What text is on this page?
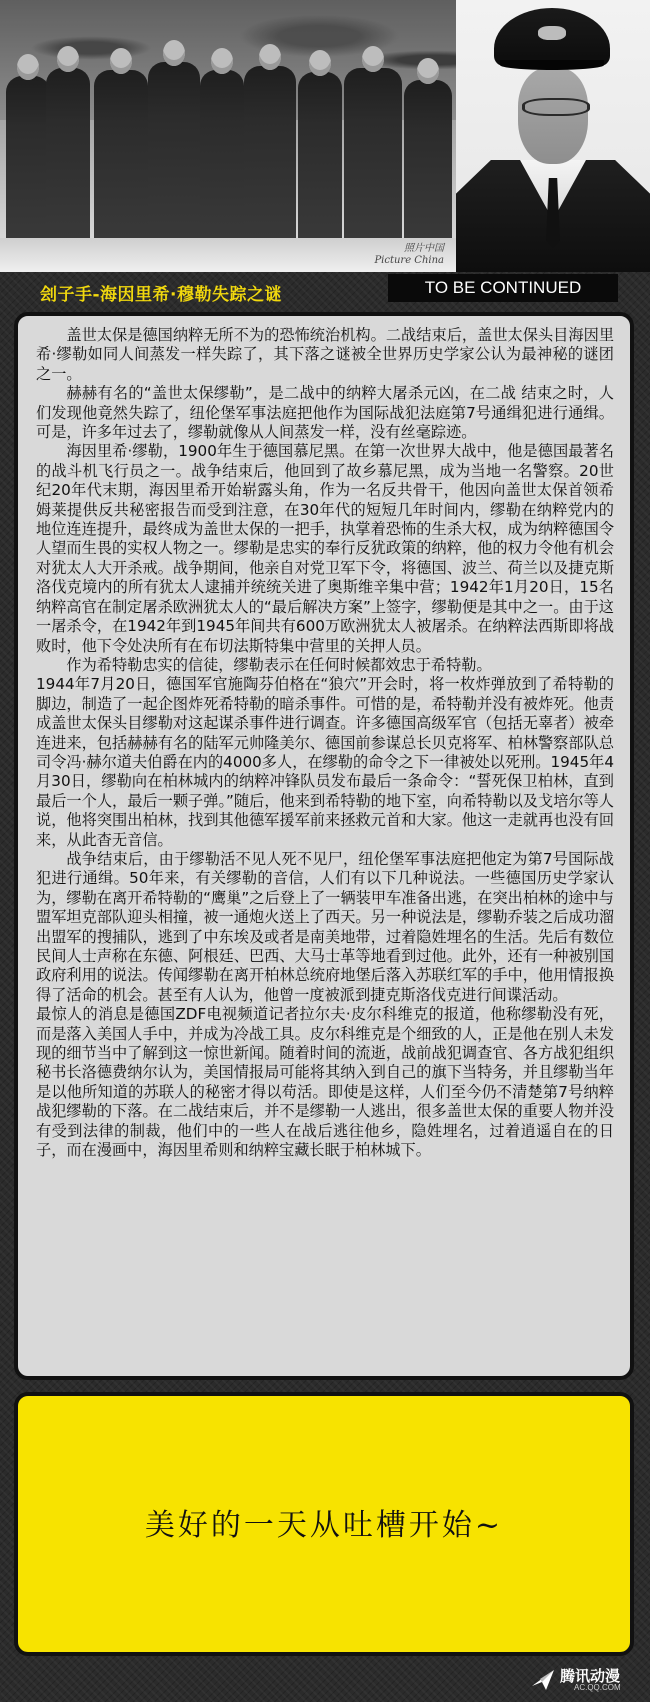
照片中国
Picture China
刽子手-海因里希·穆勒失踪之谜	TO BE CONTINUED

盖世太保是德国纳粹无所不为的恐怖统治机构。二战结束后，盖世太保头目海因里希·缪勒如同人间蒸发一样失踪了，其下落之谜被全世界历史学家公认为最神秘的谜团之一。

赫赫有名的“盖世太保缪勒”，是二战中的纳粹大屠杀元凶，在二战 结束之时，人们发现他竟然失踪了，纽伦堡军事法庭把他作为国际战犯法庭第7号通缉犯进行通缉。可是，许多年过去了，缪勒就像从人间蒸发一样，没有丝毫踪迹。

海因里希·缪勒，1900年生于德国慕尼黑。在第一次世界大战中，他是德国最著名的战斗机飞行员之一。战争结束后，他回到了故乡慕尼黑，成为当地一名警察。20世纪20年代末期，海因里希开始崭露头角，作为一名反共骨干，他因向盖世太保首领希姆莱提供反共秘密报告而受到注意，在30年代的短短几年时间内，缪勒在纳粹党内的地位连连提升，最终成为盖世太保的一把手，执掌着恐怖的生杀大权，成为纳粹德国令人望而生畏的实权人物之一。缪勒是忠实的奉行反犹政策的纳粹，他的权力令他有机会对犹太人大开杀戒。战争期间，他亲自对党卫军下令，将德国、波兰、荷兰以及捷克斯洛伐克境内的所有犹太人逮捕并统统关进了奥斯维辛集中营；1942年1月20日，15名纳粹高官在制定屠杀欧洲犹太人的“最后解决方案”上签字，缪勒便是其中之一。由于这一屠杀令，在1942年到1945年间共有600万欧洲犹太人被屠杀。在纳粹法西斯即将战败时，他下令处决所有在布切法斯特集中营里的关押人员。

作为希特勒忠实的信徒，缪勒表示在任何时候都效忠于希特勒。

1944年7月20日，德国军官施陶芬伯格在“狼穴”开会时，将一枚炸弹放到了希特勒的脚边，制造了一起企图炸死希特勒的暗杀事件。可惜的是，希特勒并没有被炸死。他责成盖世太保头目缪勒对这起谋杀事件进行调查。许多德国高级军官（包括无辜者）被牵连进来，包括赫赫有名的陆军元帅隆美尔、德国前参谋总长贝克将军、柏林警察部队总司令冯·赫尔道夫伯爵在内的4000多人，在缪勒的命令之下一律被处以死刑。1945年4月30日，缪勒向在柏林城内的纳粹冲锋队员发布最后一条命令：“誓死保卫柏林，直到最后一个人，最后一颗子弹。”随后，他来到希特勒的地下室，向希特勒以及戈培尔等人说，他将突围出柏林，找到其他德军援军前来拯救元首和大家。他这一走就再也没有回来，从此杳无音信。

战争结束后，由于缪勒活不见人死不见尸，纽伦堡军事法庭把他定为第7号国际战犯进行通缉。50年来，有关缪勒的音信，人们有以下几种说法。一些德国历史学家认为，缪勒在离开希特勒的“鹰巢”之后登上了一辆装甲车准备出逃，在突出柏林的途中与盟军坦克部队迎头相撞，被一通炮火送上了西天。另一种说法是，缪勒乔装之后成功溜出盟军的搜捕队，逃到了中东埃及或者是南美地带，过着隐姓埋名的生活。先后有数位民间人士声称在东德、阿根廷、巴西、大马士革等地看到过他。此外，还有一种被别国政府利用的说法。传闻缪勒在离开柏林总统府地堡后落入苏联红军的手中，他用情报换得了活命的机会。甚至有人认为，他曾一度被派到捷克斯洛伐克进行间谍活动。

最惊人的消息是德国ZDF电视频道记者拉尔夫·皮尔科维克的报道，他称缪勒没有死，而是落入美国人手中，并成为冷战工具。皮尔科维克是个细致的人，正是他在别人未发现的细节当中了解到这一惊世新闻。随着时间的流逝，战前战犯调查官、各方战犯组织秘书长洛德费纳尔认为，美国情报局可能将其纳入到自己的旗下当特务，并且缪勒当年是以他所知道的苏联人的秘密才得以苟活。即使是这样，人们至今仍不清楚第7号纳粹战犯缪勒的下落。在二战结束后，并不是缪勒一人逃出，很多盖世太保的重要人物并没有受到法律的制裁，他们中的一些人在战后逃往他乡，隐姓埋名，过着逍遥自在的日子，而在漫画中，海因里希则和纳粹宝藏长眠于柏林城下。

美好的一天从吐槽开始~
腾讯动漫
AC.QQ.COM
